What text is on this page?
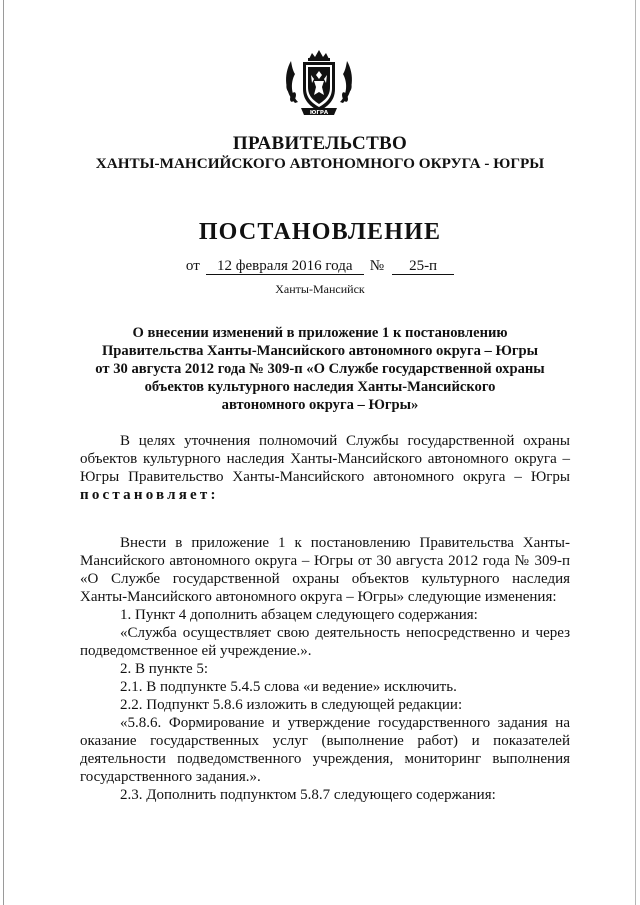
ЮГРА
ПРАВИТЕЛЬСТВО
ХАНТЫ-МАНСИЙСКОГО АВТОНОМНОГО ОКРУГА - ЮГРЫ
ПОСТАНОВЛЕНИЕ
от 12 февраля 2016 года № 25-п
Ханты-Мансийск
О внесении изменений в приложение 1 к постановлению
Правительства Ханты-Мансийского автономного округа – Югры
от 30 августа 2012 года № 309-п «О Службе государственной охраны
объектов культурного наследия Ханты-Мансийского
автономного округа – Югры»
В целях уточнения полномочий Службы государственной охраны
объектов культурного наследия Ханты-Мансийского автономного округа –
Югры Правительство Ханты-Мансийского автономного округа – Югры
постановляет:
Внести в приложение 1 к постановлению Правительства Ханты-
Мансийского автономного округа – Югры от 30 августа 2012 года № 309-п
«О Службе государственной охраны объектов культурного наследия
Ханты-Мансийского автономного округа – Югры» следующие изменения:
1. Пункт 4 дополнить абзацем следующего содержания:
«Служба осуществляет свою деятельность непосредственно и через
подведомственное ей учреждение.».
2. В пункте 5:
2.1. В подпункте 5.4.5 слова «и ведение» исключить.
2.2. Подпункт 5.8.6 изложить в следующей редакции:
«5.8.6. Формирование и утверждение государственного задания на
оказание государственных услуг (выполнение работ) и показателей
деятельности подведомственного учреждения, мониторинг выполнения
государственного задания.».
2.3. Дополнить подпунктом 5.8.7 следующего содержания:
